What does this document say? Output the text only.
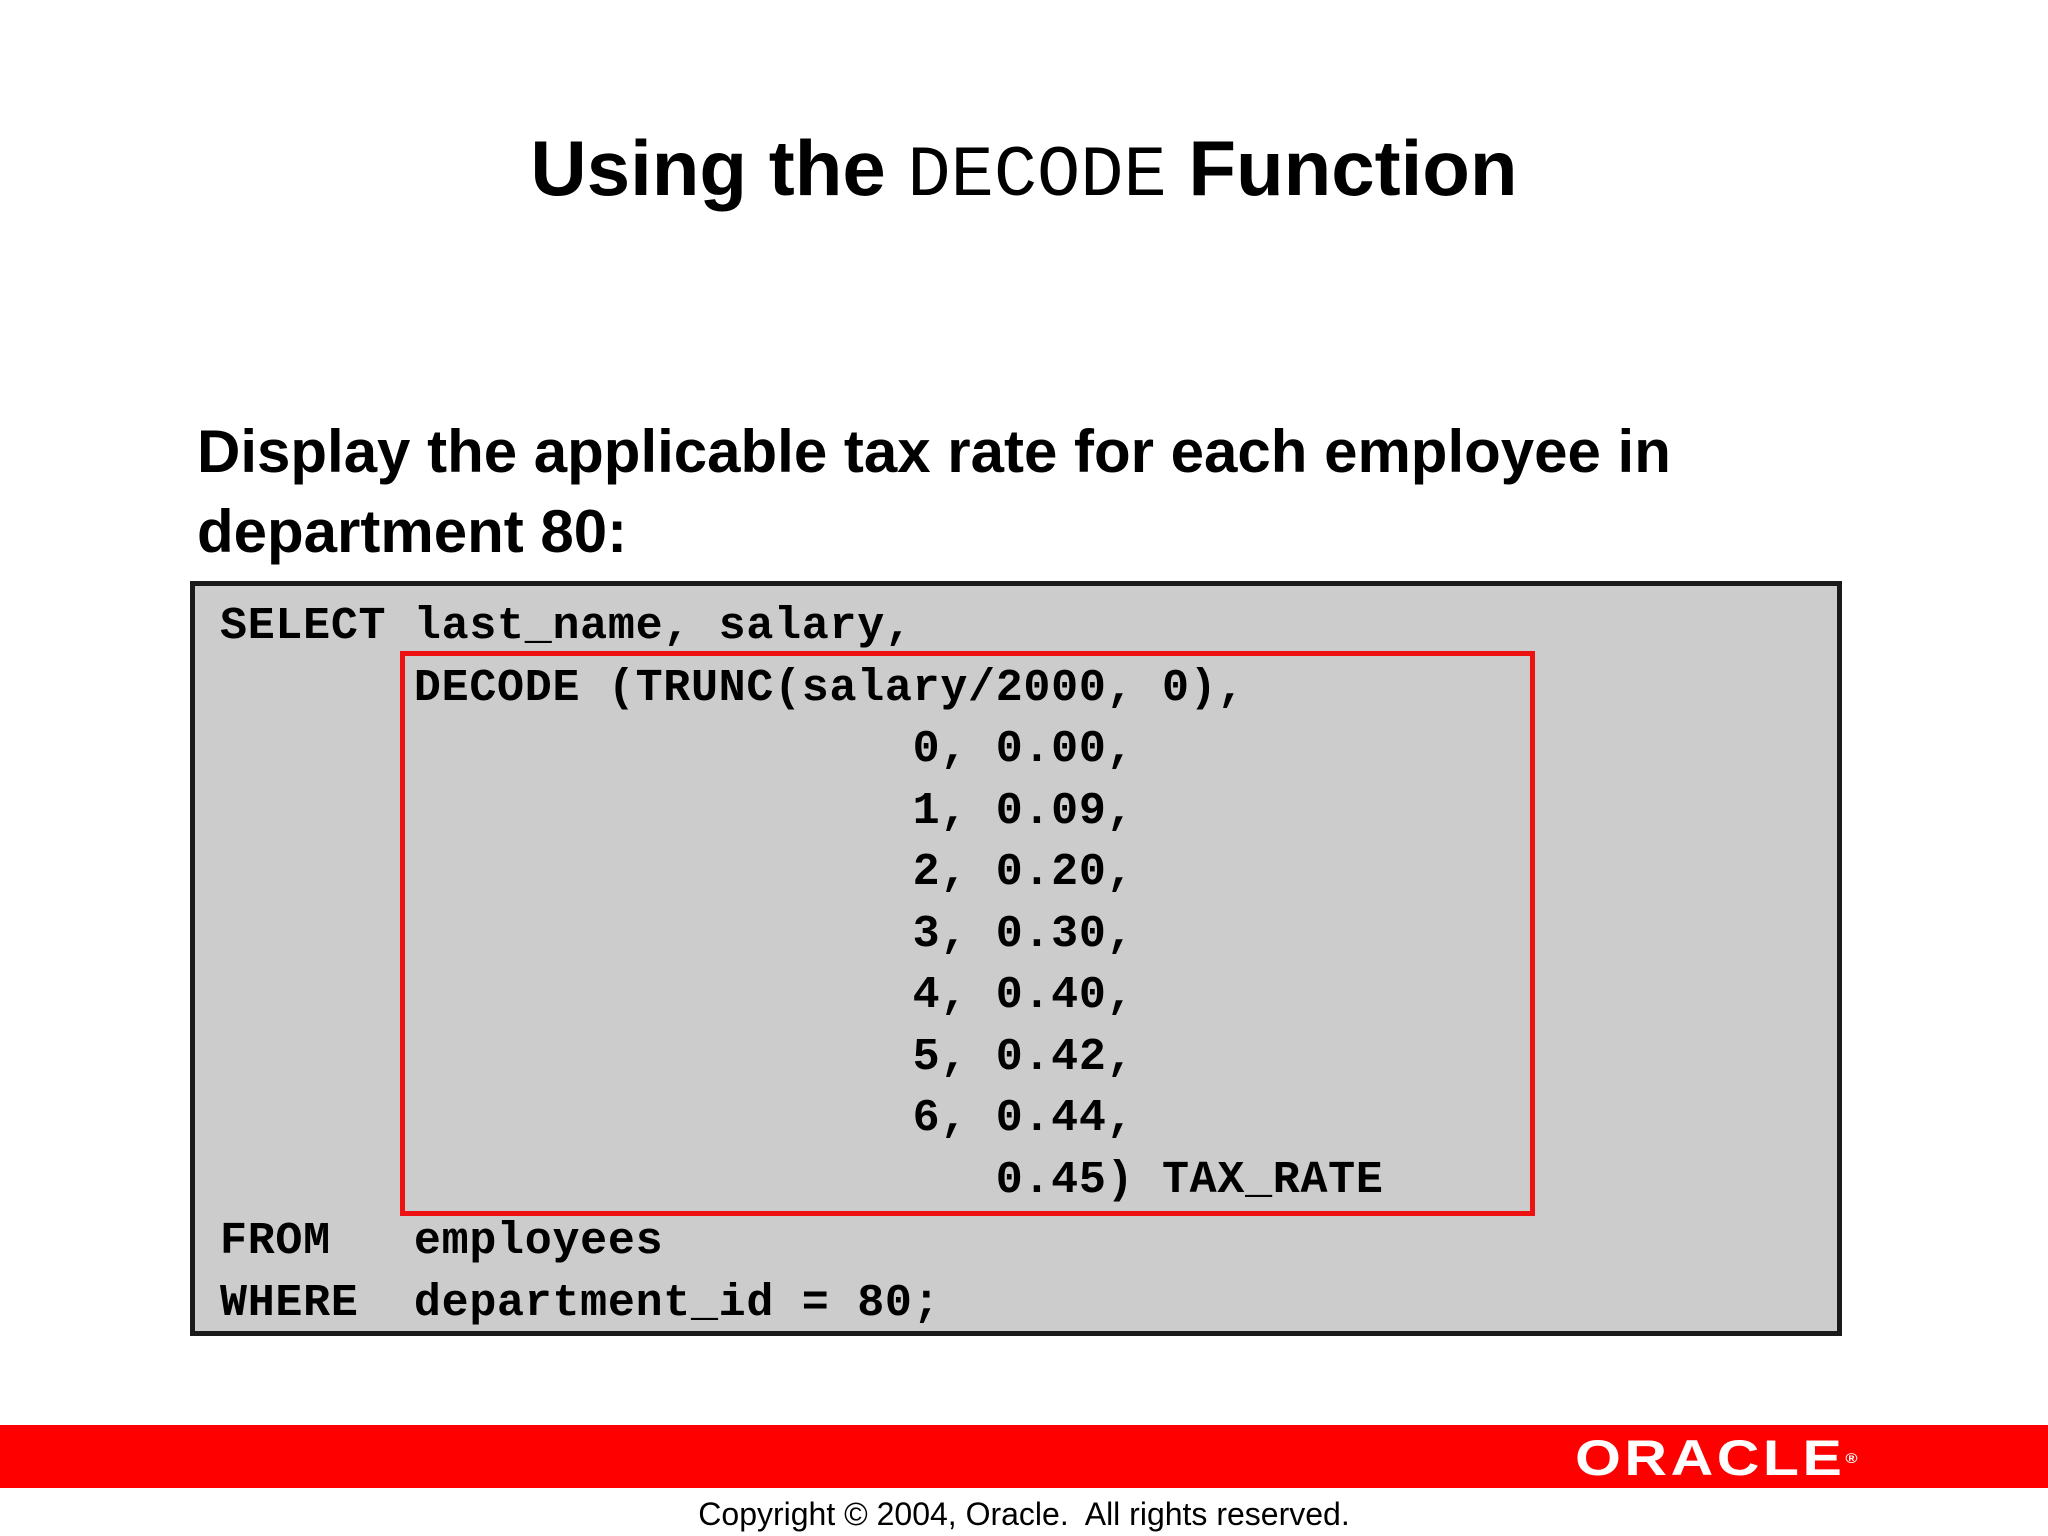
Using the DECODE Function

Display the applicable tax rate for each employee in department 80:

SELECT last_name, salary,
DECODE (TRUNC(salary/2000, 0),
0, 0.00,
1, 0.09,
2, 0.20,
3, 0.30,
4, 0.40,
5, 0.42,
6, 0.44,
0.45) TAX_RATE
FROM   employees
WHERE  department_id = 80;
ORACLE®

Copyright © 2004, Oracle.  All rights reserved.
